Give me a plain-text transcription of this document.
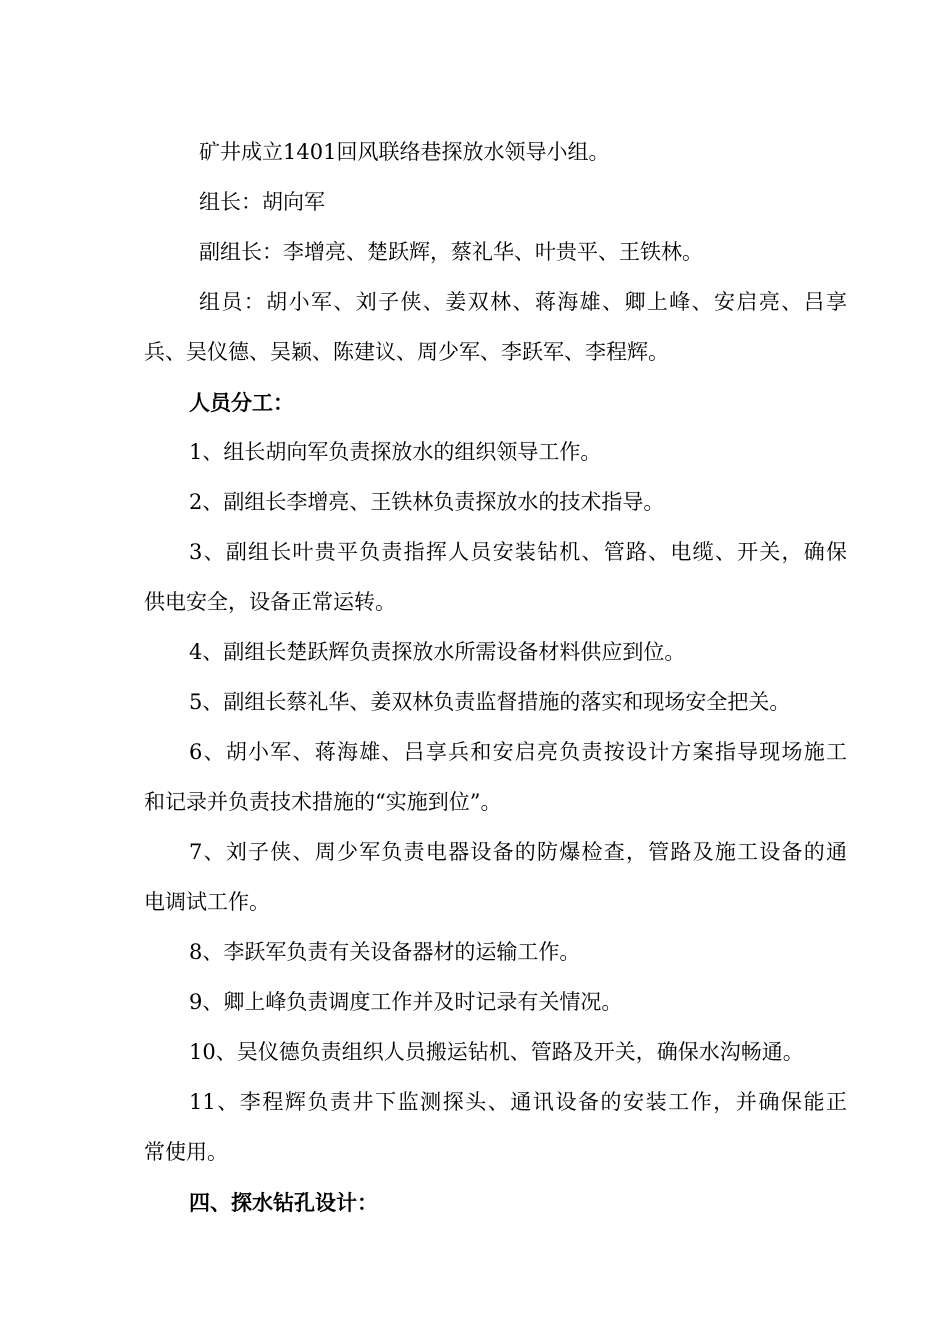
矿井成立1401回风联络巷探放水领导小组。
组长：胡向军
副组长：李增亮、楚跃辉，蔡礼华、叶贵平、王铁林。
组员：胡小军、刘子侠、姜双林、蒋海雄、卿上峰、安启亮、吕享
兵、吴仪德、吴颖、陈建议、周少军、李跃军、李程辉。
人员分工：
1、组长胡向军负责探放水的组织领导工作。
2、副组长李增亮、王铁林负责探放水的技术指导。
3、副组长叶贵平负责指挥人员安装钻机、管路、电缆、开关，确保
供电安全，设备正常运转。
4、副组长楚跃辉负责探放水所需设备材料供应到位。
5、副组长蔡礼华、姜双林负责监督措施的落实和现场安全把关。
6、胡小军、蒋海雄、吕享兵和安启亮负责按设计方案指导现场施工
和记录并负责技术措施的“实施到位”。
7、刘子侠、周少军负责电器设备的防爆检查，管路及施工设备的通
电调试工作。
8、李跃军负责有关设备器材的运输工作。
9、卿上峰负责调度工作并及时记录有关情况。
10、吴仪德负责组织人员搬运钻机、管路及开关，确保水沟畅通。
11、李程辉负责井下监测探头、通讯设备的安装工作，并确保能正
常使用。
四、探水钻孔设计：
